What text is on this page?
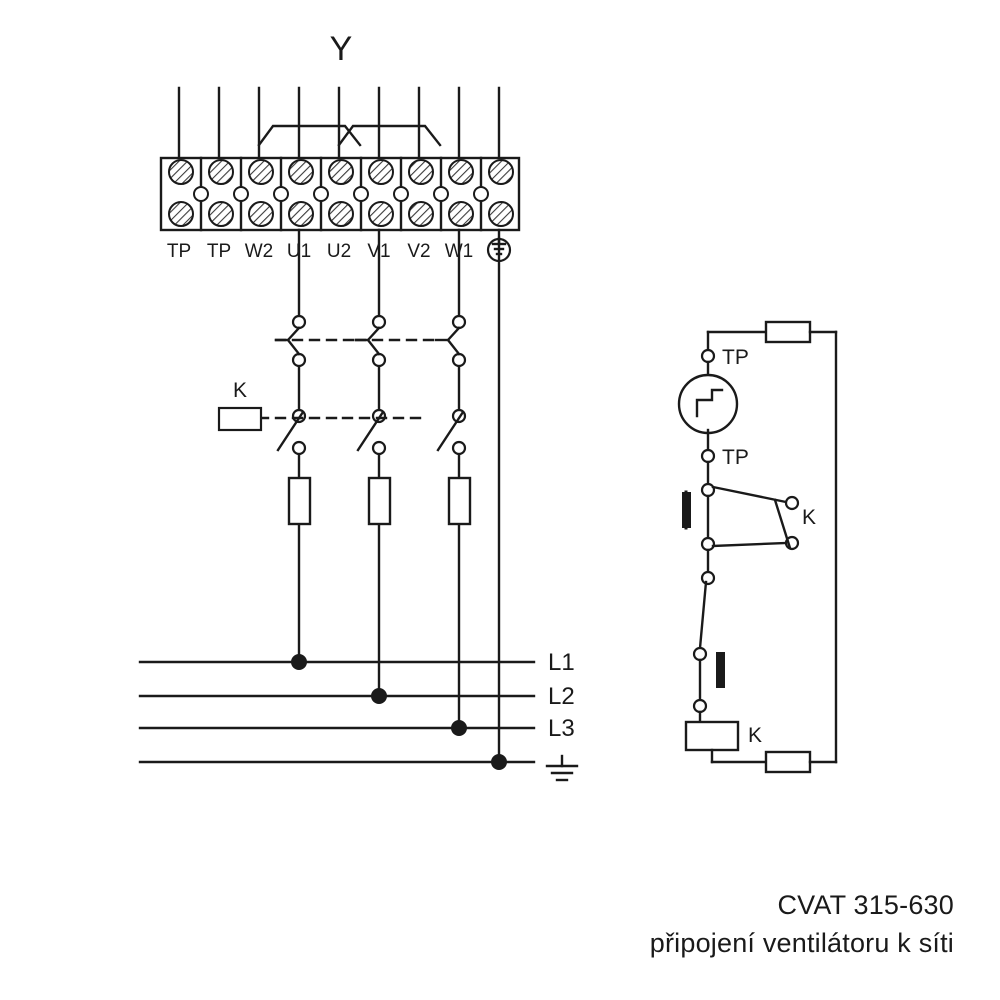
Y
TP TP W2 U1 U2 V1 V2 W1
K
L1
L2
L3
TP
TP
K
K
CVAT 315-630
připojení ventilátoru k síti
